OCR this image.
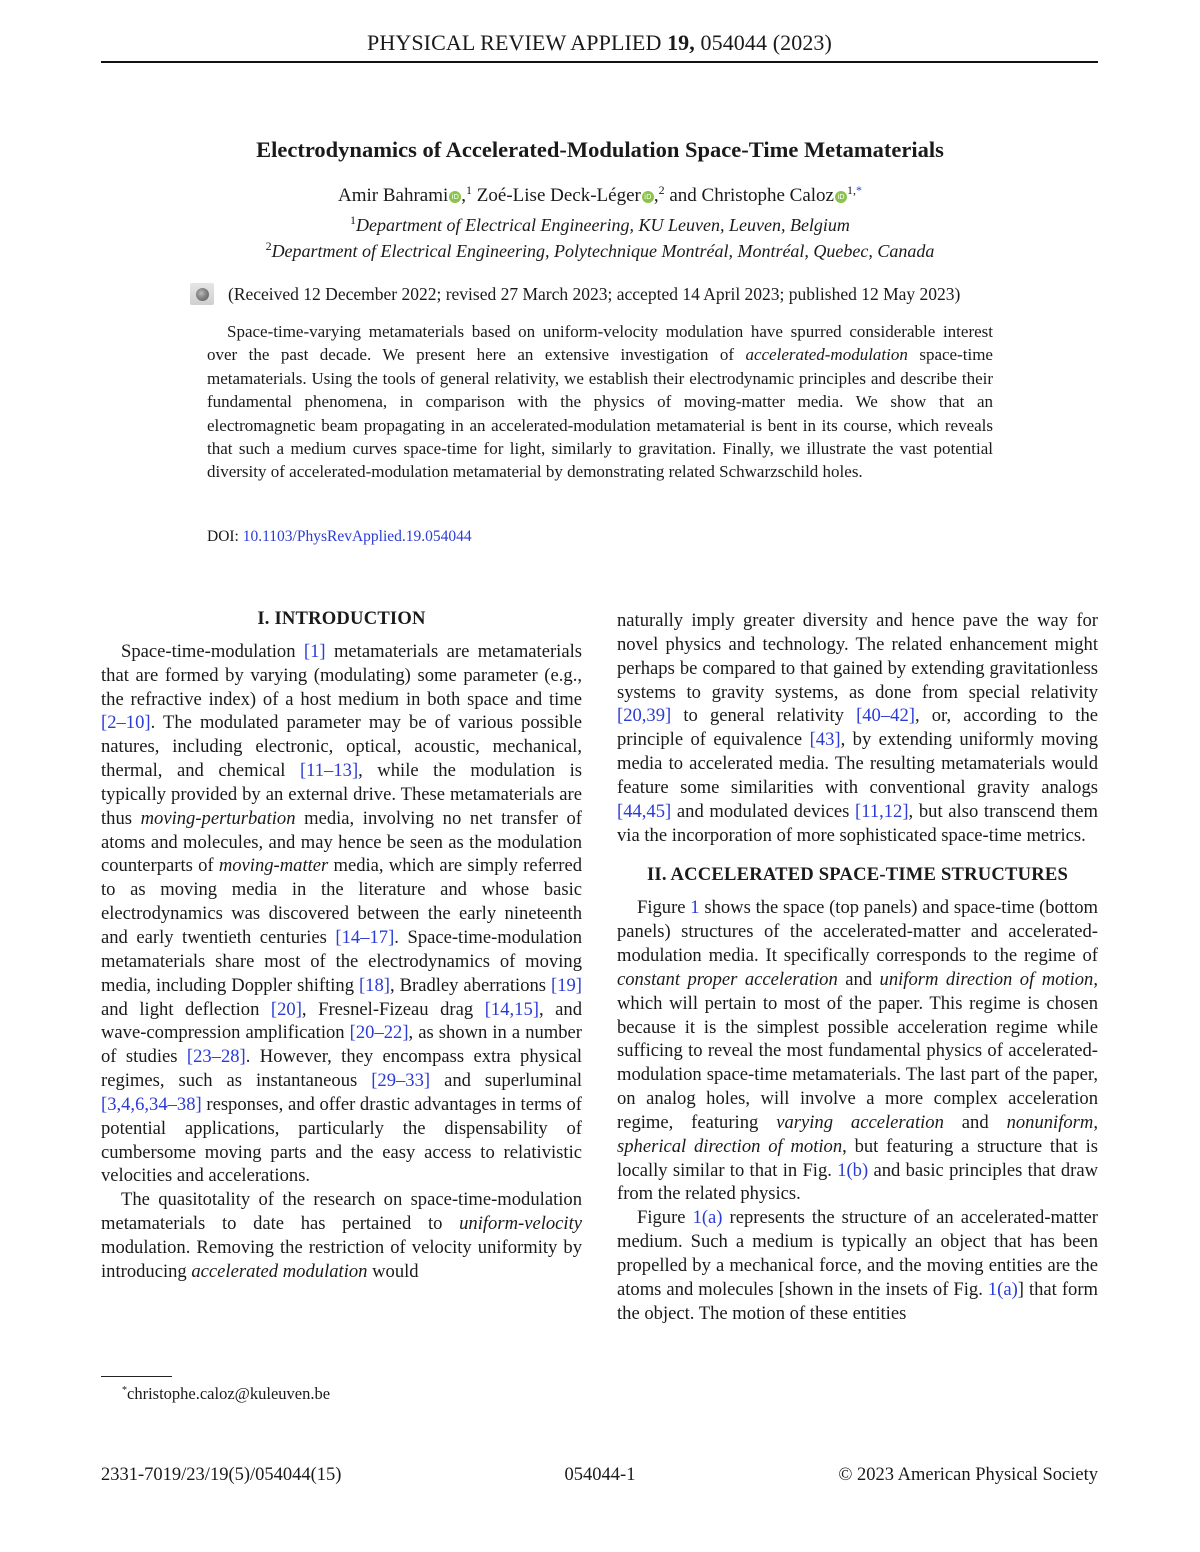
PHYSICAL REVIEW APPLIED 19, 054044 (2023)
Electrodynamics of Accelerated-Modulation Space-Time Metamaterials
Amir Bahrami iD ,$^1$ Zoé-Lise Deck-Léger iD ,$^2$ and Christophe Caloz iD $^{1,*}$
$^1$Department of Electrical Engineering, KU Leuven, Leuven, Belgium
$^2$Department of Electrical Engineering, Polytechnique Montréal, Montréal, Quebec, Canada
(Received 12 December 2022; revised 27 March 2023; accepted 14 April 2023; published 12 May 2023)
Space-time-varying metamaterials based on uniform-velocity modulation have spurred considerable interest over the past decade. We present here an extensive investigation of accelerated-modulation space-time metamaterials. Using the tools of general relativity, we establish their electrodynamic principles and describe their fundamental phenomena, in comparison with the physics of moving-matter media. We show that an electromagnetic beam propagating in an accelerated-modulation metamaterial is bent in its course, which reveals that such a medium curves space-time for light, similarly to gravitation. Finally, we illustrate the vast potential diversity of accelerated-modulation metamaterial by demonstrating related Schwarzschild holes.
DOI: 10.1103/PhysRevApplied.19.054044
I. INTRODUCTION

Space-time-modulation [1] metamaterials are metamaterials that are formed by varying (modulating) some parameter (e.g., the refractive index) of a host medium in both space and time [2–10]. The modulated parameter may be of various possible natures, including electronic, optical, acoustic, mechanical, thermal, and chemical [11–13], while the modulation is typically provided by an external drive. These metamaterials are thus moving-perturbation media, involving no net transfer of atoms and molecules, and may hence be seen as the modulation counterparts of moving-matter media, which are simply referred to as moving media in the literature and whose basic electrodynamics was discovered between the early nineteenth and early twentieth centuries [14–17]. Space-time-modulation metamaterials share most of the electrodynamics of moving media, including Doppler shifting [18], Bradley aberrations [19] and light deflection [20], Fresnel-Fizeau drag [14,15], and wave-compression amplification [20–22], as shown in a number of studies [23–28]. However, they encompass extra physical regimes, such as instantaneous [29–33] and superluminal [3,4,6,34–38] responses, and offer drastic advantages in terms of potential applications, particularly the dispensability of cumbersome moving parts and the easy access to relativistic velocities and accelerations.

The quasitotality of the research on space-time-modulation metamaterials to date has pertained to uniform-velocity modulation. Removing the restriction of velocity uniformity by introducing accelerated modulation would

*christophe.caloz@kuleuven.be

naturally imply greater diversity and hence pave the way for novel physics and technology. The related enhancement might perhaps be compared to that gained by extending gravitationless systems to gravity systems, as done from special relativity [20,39] to general relativity [40–42], or, according to the principle of equivalence [43], by extending uniformly moving media to accelerated media. The resulting metamaterials would feature some similarities with conventional gravity analogs [44,45] and modulated devices [11,12], but also transcend them via the incorporation of more sophisticated space-time metrics.

II. ACCELERATED SPACE-TIME STRUCTURES

Figure 1 shows the space (top panels) and space-time (bottom panels) structures of the accelerated-matter and accelerated-modulation media. It specifically corresponds to the regime of constant proper acceleration and uniform direction of motion, which will pertain to most of the paper. This regime is chosen because it is the simplest possible acceleration regime while sufficing to reveal the most fundamental physics of accelerated-modulation space-time metamaterials. The last part of the paper, on analog holes, will involve a more complex acceleration regime, featuring varying acceleration and nonuniform, spherical direction of motion, but featuring a structure that is locally similar to that in Fig. 1(b) and basic principles that draw from the related physics.

Figure 1(a) represents the structure of an accelerated-matter medium. Such a medium is typically an object that has been propelled by a mechanical force, and the moving entities are the atoms and molecules [shown in the insets of Fig. 1(a)] that form the object. The motion of these entities

2331-7019/23/19(5)/054044(15)	054044-1	© 2023 American Physical Society
